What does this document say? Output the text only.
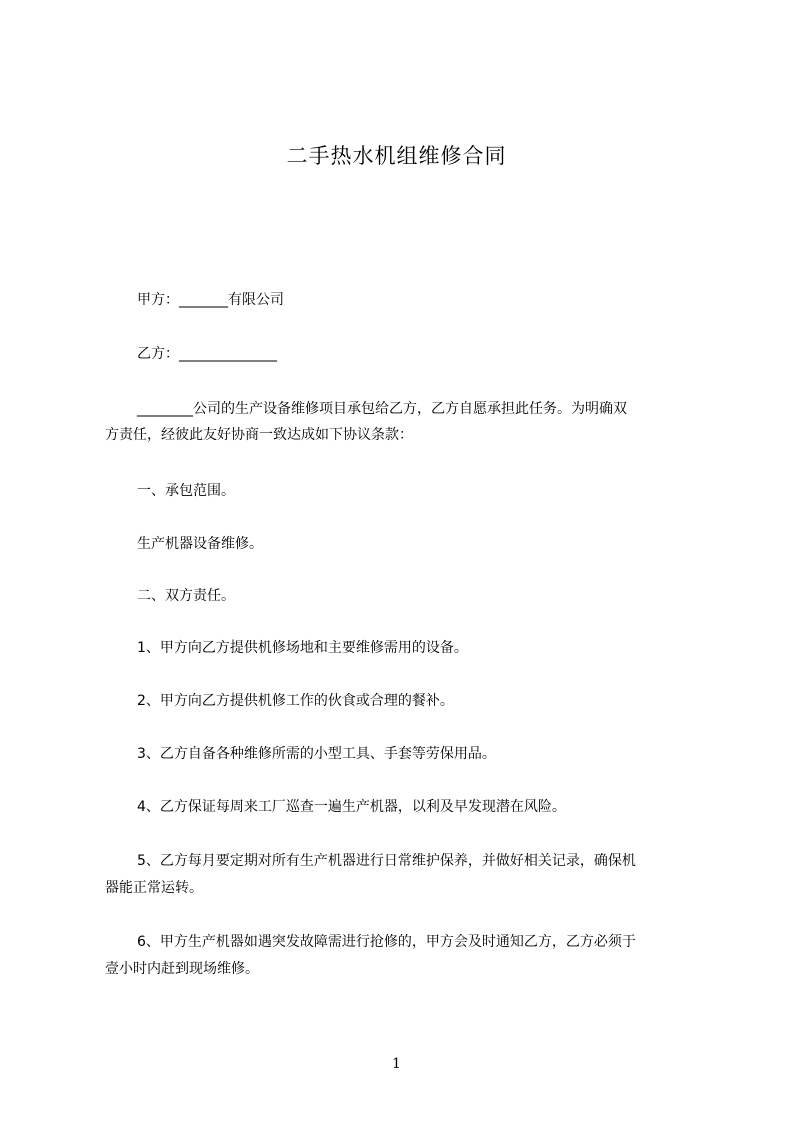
二手热水机组维修合同
甲方：_______有限公司
乙方：______________
________公司的生产设备维修项目承包给乙方，乙方自愿承担此任务。为明确双
方责任，经彼此友好协商一致达成如下协议条款：
一、承包范围。
生产机器设备维修。
二、双方责任。
1、甲方向乙方提供机修场地和主要维修需用的设备。
2、甲方向乙方提供机修工作的伙食或合理的餐补。
3、乙方自备各种维修所需的小型工具、手套等劳保用品。
4、乙方保证每周来工厂巡查一遍生产机器，以利及早发现潜在风险。
5、乙方每月要定期对所有生产机器进行日常维护保养，并做好相关记录，确保机
器能正常运转。
6、甲方生产机器如遇突发故障需进行抢修的，甲方会及时通知乙方，乙方必须于
壹小时内赶到现场维修。
1
